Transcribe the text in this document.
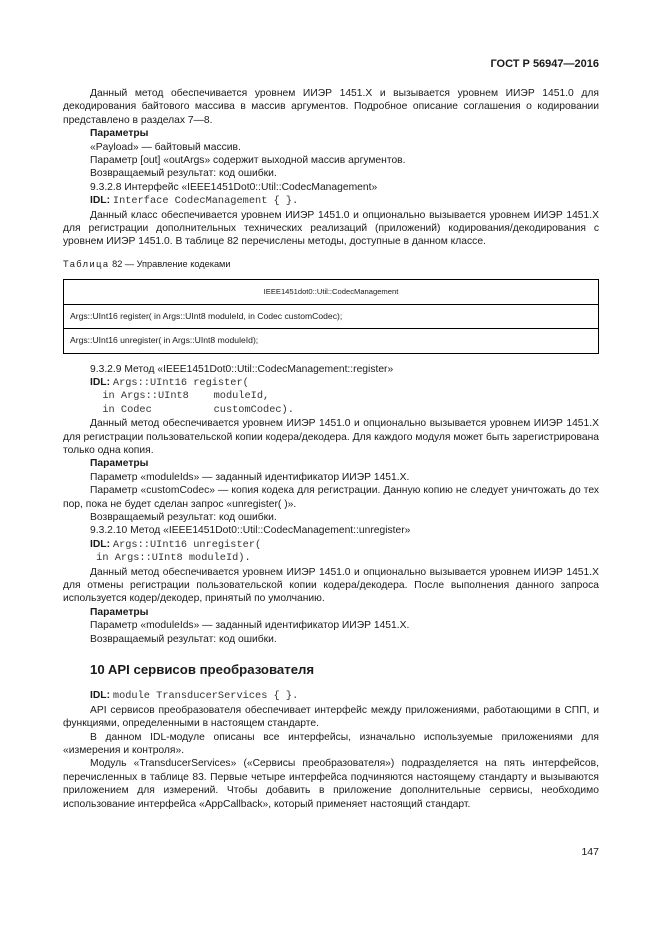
ГОСТ Р 56947—2016

Данный метод обеспечивается уровнем ИИЭР 1451.X и вызывается уровнем ИИЭР 1451.0 для декодирования байтового массива в массив аргументов. Подробное описание соглашения о кодировании представлено в разделах 7—8.

Параметры

«Payload» — байтовый массив.

Параметр [out] «outArgs» содержит выходной массив аргументов.

Возвращаемый результат: код ошибки.

9.3.2.8 Интерфейс «IEEE1451Dot0::Util::CodecManagement»

IDL: Interface CodecManagement { }.

Данный класс обеспечивается уровнем ИИЭР 1451.0 и опционально вызывается уровнем ИИЭР 1451.X для регистрации дополнительных технических реализаций (приложений) кодирования/декодирования с уровнем ИИЭР 1451.0. В таблице 82 перечислены методы, доступные в данном классе.

Таблица 82 — Управление кодеками
IEEE1451dot0::Util::CodecManagement
Args::UInt16 register( in Args::UInt8 moduleId, in Codec customCodec);
Args::UInt16 unregister( in Args::UInt8 moduleId);

9.3.2.9 Метод «IEEE1451Dot0::Util::CodecManagement::register»

IDL: Args::UInt16 register(

in Args::UInt8    moduleId,
in Codec          customCodec).

Данный метод обеспечивается уровнем ИИЭР 1451.0 и опционально вызывается уровнем ИИЭР 1451.X для регистрации пользовательской копии кодера/декодера. Для каждого модуля может быть зарегистрирована только одна копия.

Параметры

Параметр «moduleIds» — заданный идентификатор ИИЭР 1451.X.

Параметр «customCodec» — копия кодека для регистрации. Данную копию не следует уничтожать до тех пор, пока не будет сделан запрос «unregister( )».

Возвращаемый результат: код ошибки.

9.3.2.10 Метод «IEEE1451Dot0::Util::CodecManagement::unregister»

IDL: Args::UInt16 unregister(

in Args::UInt8 moduleId).

Данный метод обеспечивается уровнем ИИЭР 1451.0 и опционально вызывается уровнем ИИЭР 1451.X для отмены регистрации пользовательской копии кодера/декодера. После выполнения данного запроса используется кодер/декодер, принятый по умолчанию.

Параметры

Параметр «moduleIds» — заданный идентификатор ИИЭР 1451.X.

Возвращаемый результат: код ошибки.

10 API сервисов преобразователя

IDL: module TransducerServices { }.

API сервисов преобразователя обеспечивает интерфейс между приложениями, работающими в СПП, и функциями, определенными в настоящем стандарте.

В данном IDL-модуле описаны все интерфейсы, изначально используемые приложениями для «измерения и контроля».

Модуль «TransducerServices» («Сервисы преобразователя») подразделяется на пять интерфейсов, перечисленных в таблице 83. Первые четыре интерфейса подчиняются настоящему стандарту и вызываются приложением для измерений. Чтобы добавить в приложение дополнительные сервисы, необходимо использование интерфейса «AppCallback», который применяет настоящий стандарт.

147
